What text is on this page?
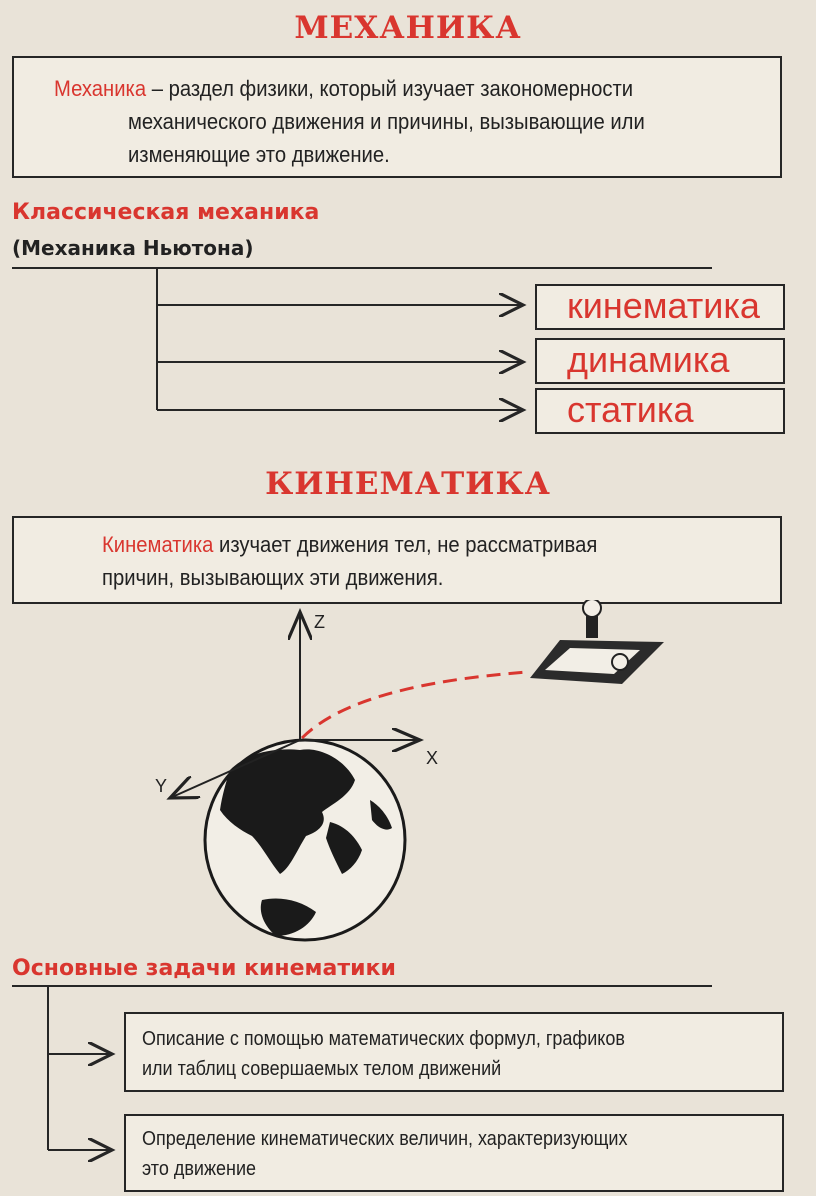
МЕХАНИКА
Механика – раздел физики, который изучает закономерности
механического движения и причины, вызывающие или
изменяющие это движение.
Классическая механика
(Механика Ньютона)
кинематика
динамика
статика
КИНЕМАТИКА
Кинематика изучает движения тел, не рассматривая
причин, вызывающих эти движения.
Z
X
Y
Основные задачи кинематики
Описание с помощью математических формул, графиков
или таблиц совершаемых телом движений
Определение кинематических величин, характеризующих
это движение
